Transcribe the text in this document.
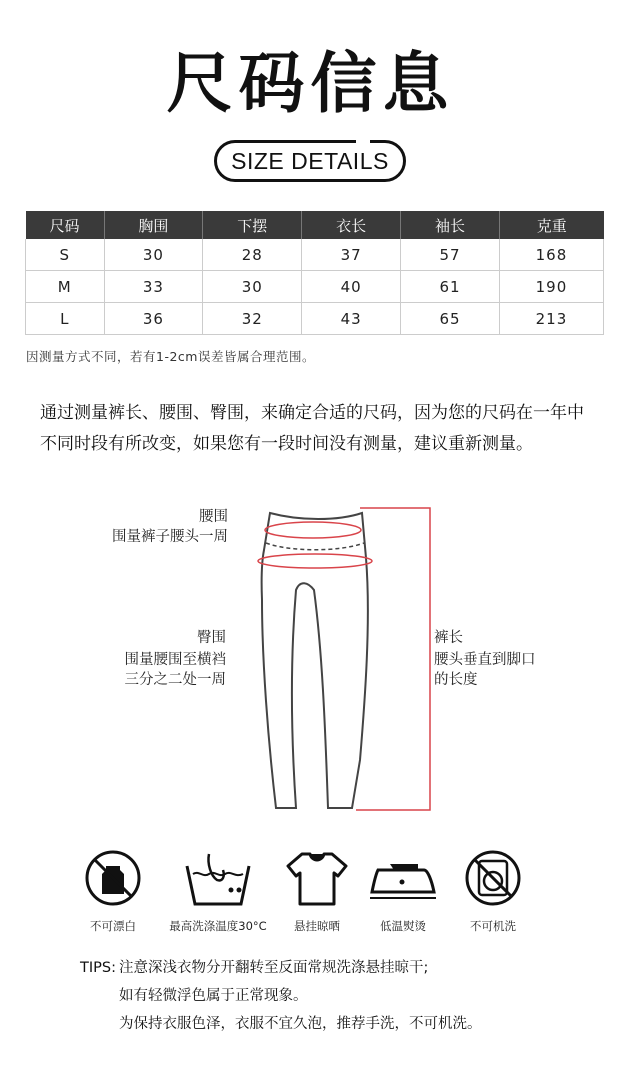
尺码信息
SIZE DETAILS
尺码	胸围	下摆	衣长	袖长	克重
S	30	28	37	57	168
M	33	30	40	61	190
L	36	32	43	65	213
因测量方式不同，若有1-2cm误差皆属合理范围。
通过测量裤长、腰围、臀围，来确定合适的尺码，因为您的尺码在一年中不同时段有所改变，如果您有一段时间没有测量，建议重新测量。
腰围
围量裤子腰头一周
臀围
围量腰围至横裆
三分之二处一周
裤长
腰头垂直到脚口
的长度
不可漂白	最高洗涤温度30°C	悬挂晾晒	低温熨烫	不可机洗
TIPS: 注意深浅衣物分开翻转至反面常规洗涤悬挂晾干;
如有轻微浮色属于正常现象。
为保持衣服色泽，衣服不宜久泡，推荐手洗，不可机洗。
